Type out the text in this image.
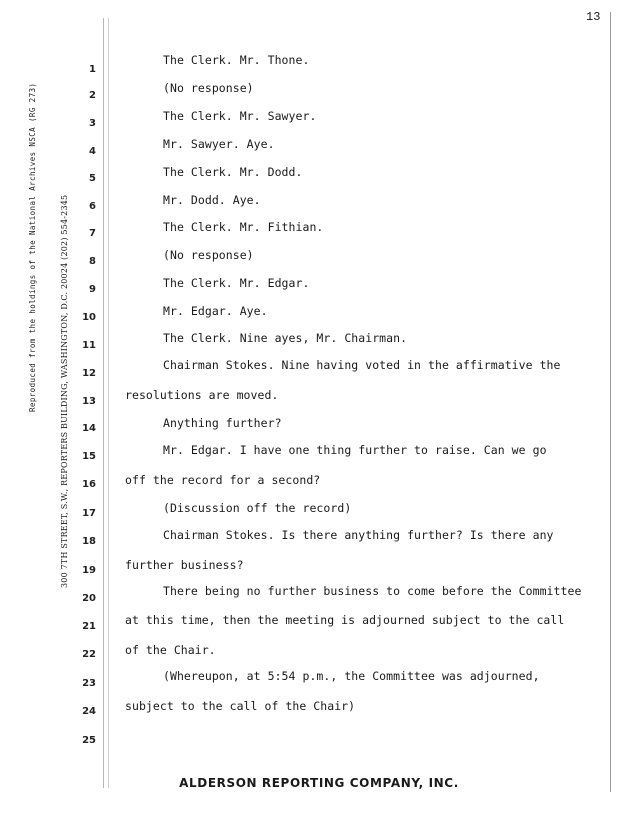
13
Reproduced from the holdings of the National Archives NSCA (RG 273)	300 7TH STREET, S.W., REPORTERS BUILDING, WASHINGTON, D.C. 20024 (202) 554-2345
1
2
3
4
5
6
7
8
9
10
11
12
13
14
15
16
17
18
19
20
21
22
23
24
25
The Clerk. Mr. Thone.
(No response)
The Clerk. Mr. Sawyer.
Mr. Sawyer. Aye.
The Clerk. Mr. Dodd.
Mr. Dodd. Aye.
The Clerk. Mr. Fithian.
(No response)
The Clerk. Mr. Edgar.
Mr. Edgar. Aye.
The Clerk. Nine ayes, Mr. Chairman.
Chairman Stokes. Nine having voted in the affirmative the
resolutions are moved.
Anything further?
Mr. Edgar. I have one thing further to raise. Can we go
off the record for a second?
(Discussion off the record)
Chairman Stokes. Is there anything further? Is there any
further business?
There being no further business to come before the Committee
at this time, then the meeting is adjourned subject to the call
of the Chair.
(Whereupon, at 5:54 p.m., the Committee was adjourned,
subject to the call of the Chair)
ALDERSON REPORTING COMPANY, INC.
